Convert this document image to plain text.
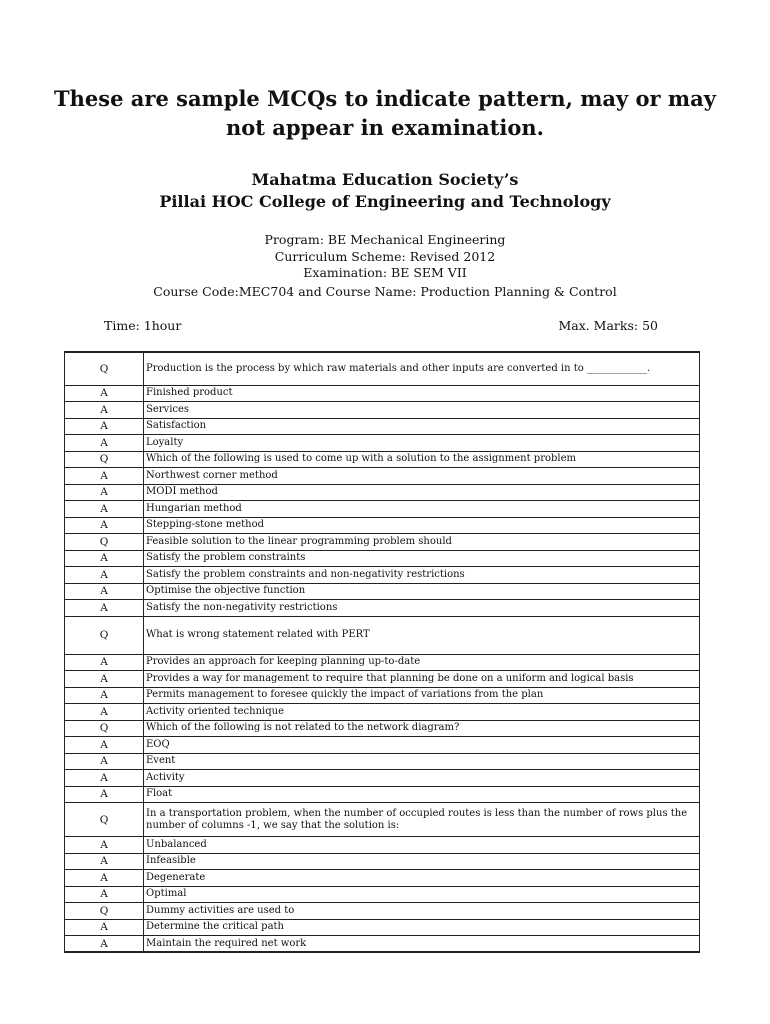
These are sample MCQs to indicate pattern, may or may not appear in examination.
Mahatma Education Society’s
Pillai HOC College of Engineering and Technology
Program: BE Mechanical Engineering
Curriculum Scheme: Revised 2012
Examination: BE SEM VII
Course Code:MEC704 and Course Name: Production Planning & Control
Time: 1hour	Max. Marks: 50
Q	Production is the process by which raw materials and other inputs are converted in to ____________.
A	Finished product
A	Services
A	Satisfaction
A	Loyalty
Q	Which of the following is used to come up with a solution to the assignment problem
A	Northwest corner method
A	MODI method
A	Hungarian method
A	Stepping-stone method
Q	Feasible solution to the linear programming problem should
A	Satisfy the problem constraints
A	Satisfy the problem constraints and non-negativity restrictions
A	Optimise the objective function
A	Satisfy the non-negativity restrictions
Q	What is wrong statement related with PERT
A	Provides an approach for keeping planning up-to-date
A	Provides a way for management to require that planning be done on a uniform and logical basis
A	Permits management to foresee quickly the impact of variations from the plan
A	Activity oriented technique
Q	Which of the following is not related to the network diagram?
A	EOQ
A	Event
A	Activity
A	Float
Q	In a transportation problem, when the number of occupied routes is less than the number of rows plus the number of columns -1, we say that the solution is:
A	Unbalanced
A	Infeasible
A	Degenerate
A	Optimal
Q	Dummy activities are used to
A	Determine the critical path
A	Maintain the required net work
